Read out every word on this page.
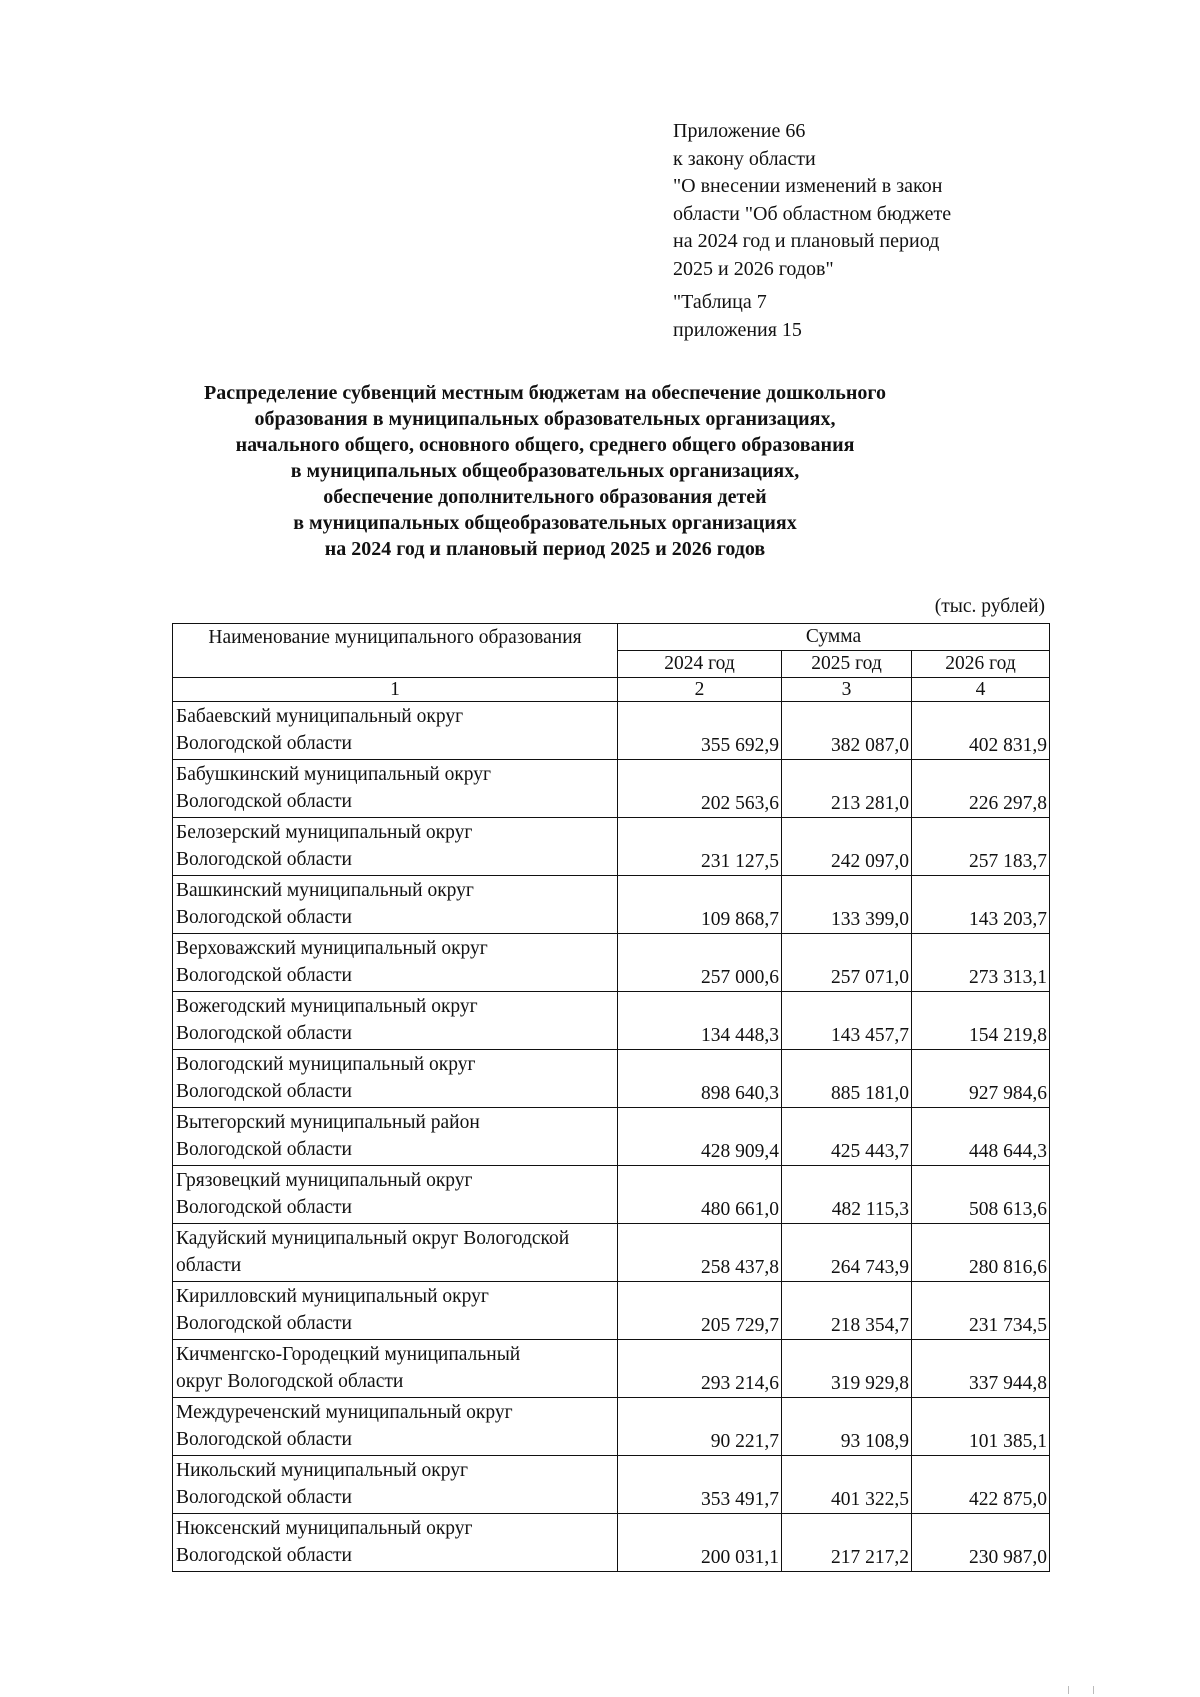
Приложение 66
к закону области
"О внесении изменений в закон
области "Об областном бюджете
на 2024 год и плановый период
2025 и 2026 годов"
"Таблица 7
приложения 15
Распределение субвенций местным бюджетам на обеспечение дошкольного
образования в муниципальных образовательных организациях,
начального общего, основного общего, среднего общего образования
в муниципальных общеобразовательных организациях,
обеспечение дополнительного образования детей
в муниципальных общеобразовательных организациях
на 2024 год и плановый период 2025 и 2026 годов
(тыс. рублей)
Наименование муниципального образования	Сумма		
	2024 год	2025 год	2026 год
1	2	3	4

Бабаевский муниципальный округ
Вологодской области	355 692,9	382 087,0	402 831,9

Бабушкинский муниципальный округ
Вологодской области	202 563,6	213 281,0	226 297,8

Белозерский муниципальный округ
Вологодской области	231 127,5	242 097,0	257 183,7

Вашкинский муниципальный округ
Вологодской области	109 868,7	133 399,0	143 203,7

Верховажский муниципальный округ
Вологодской области	257 000,6	257 071,0	273 313,1

Вожегодский муниципальный округ
Вологодской области	134 448,3	143 457,7	154 219,8

Вологодский муниципальный округ
Вологодской области	898 640,3	885 181,0	927 984,6

Вытегорский муниципальный район
Вологодской области	428 909,4	425 443,7	448 644,3

Грязовецкий муниципальный округ
Вологодской области	480 661,0	482 115,3	508 613,6

Кадуйский муниципальный округ Вологодской
области	258 437,8	264 743,9	280 816,6

Кирилловский муниципальный округ
Вологодской области	205 729,7	218 354,7	231 734,5

Кичменгско-Городецкий муниципальный
округ Вологодской области	293 214,6	319 929,8	337 944,8

Междуреченский муниципальный округ
Вологодской области	90 221,7	93 108,9	101 385,1

Никольский муниципальный округ
Вологодской области	353 491,7	401 322,5	422 875,0

Нюксенский муниципальный округ
Вологодской области	200 031,1	217 217,2	230 987,0
